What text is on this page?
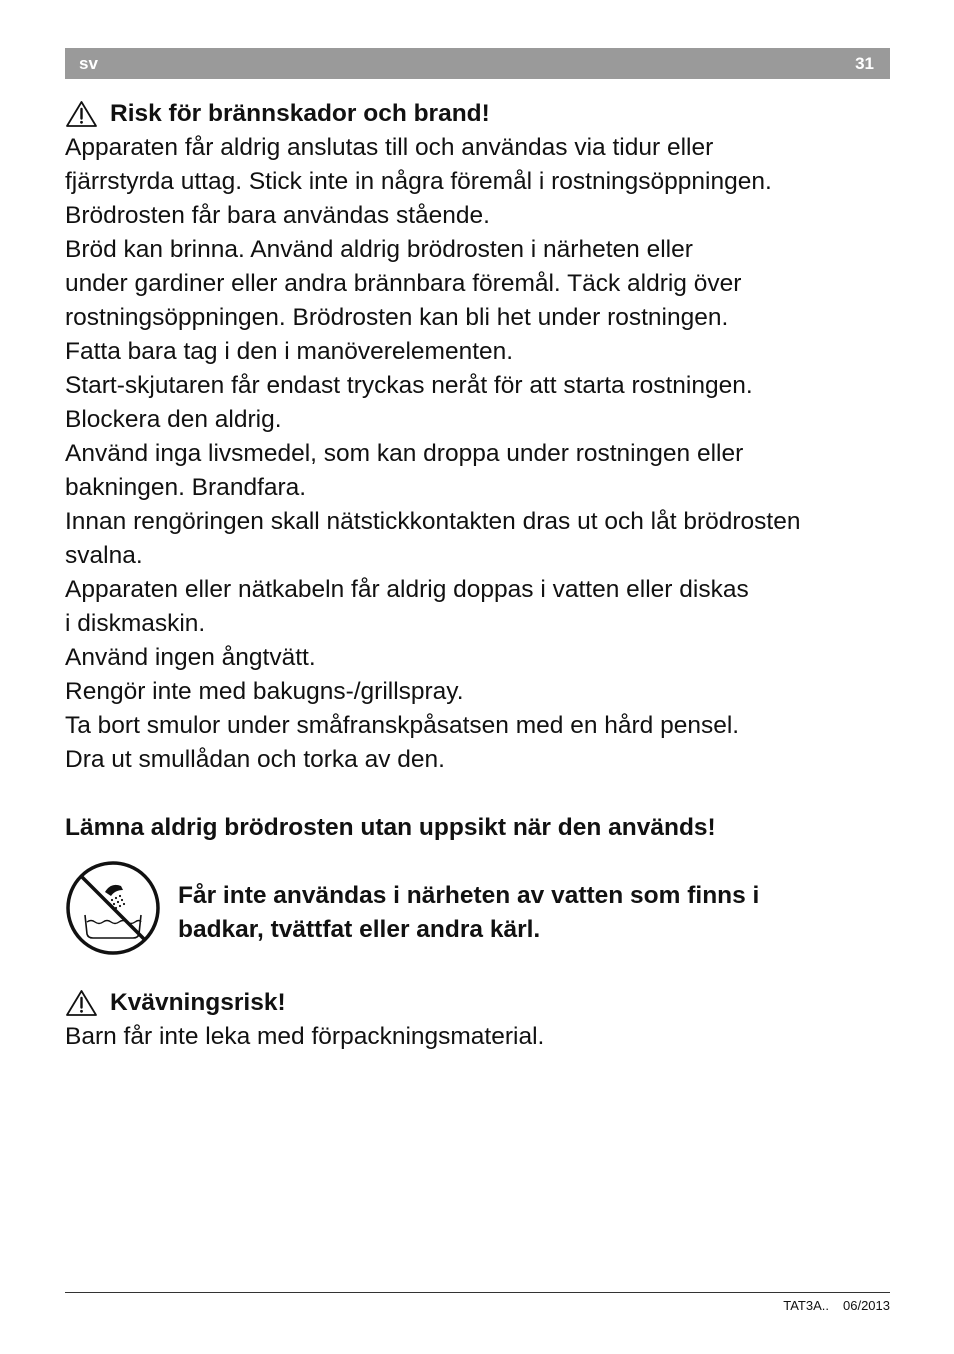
sv	31
Risk för brännskador och brand!
Apparaten får aldrig anslutas till och användas via tidur eller
fjärrstyrda uttag. Stick inte in några föremål i rostningsöppningen.
Brödrosten får bara användas stående.
Bröd kan brinna. Använd aldrig brödrosten i närheten eller
under gardiner eller andra brännbara föremål. Täck aldrig över
rostningsöppningen. Brödrosten kan bli het under rostningen.
Fatta bara tag i den i manöverelementen.
Start-skjutaren får endast tryckas neråt för att starta rostningen.
Blockera den aldrig.
Använd inga livsmedel, som kan droppa under rostningen eller
bakningen. Brandfara.
Innan rengöringen skall nätstickkontakten dras ut och låt brödrosten
svalna.
Apparaten eller nätkabeln får aldrig doppas i vatten eller diskas
i diskmaskin.
Använd ingen ångtvätt.
Rengör inte med bakugns-/grillspray.
Ta bort smulor under småfranskpåsatsen med en hård pensel.
Dra ut smullådan och torka av den.
Lämna aldrig brödrosten utan uppsikt när den används!
Får inte användas i närheten av vatten som finns i
badkar, tvättfat eller andra kärl.
Kvävningsrisk!
Barn får inte leka med förpackningsmaterial.
TAT3A.. 06/2013
